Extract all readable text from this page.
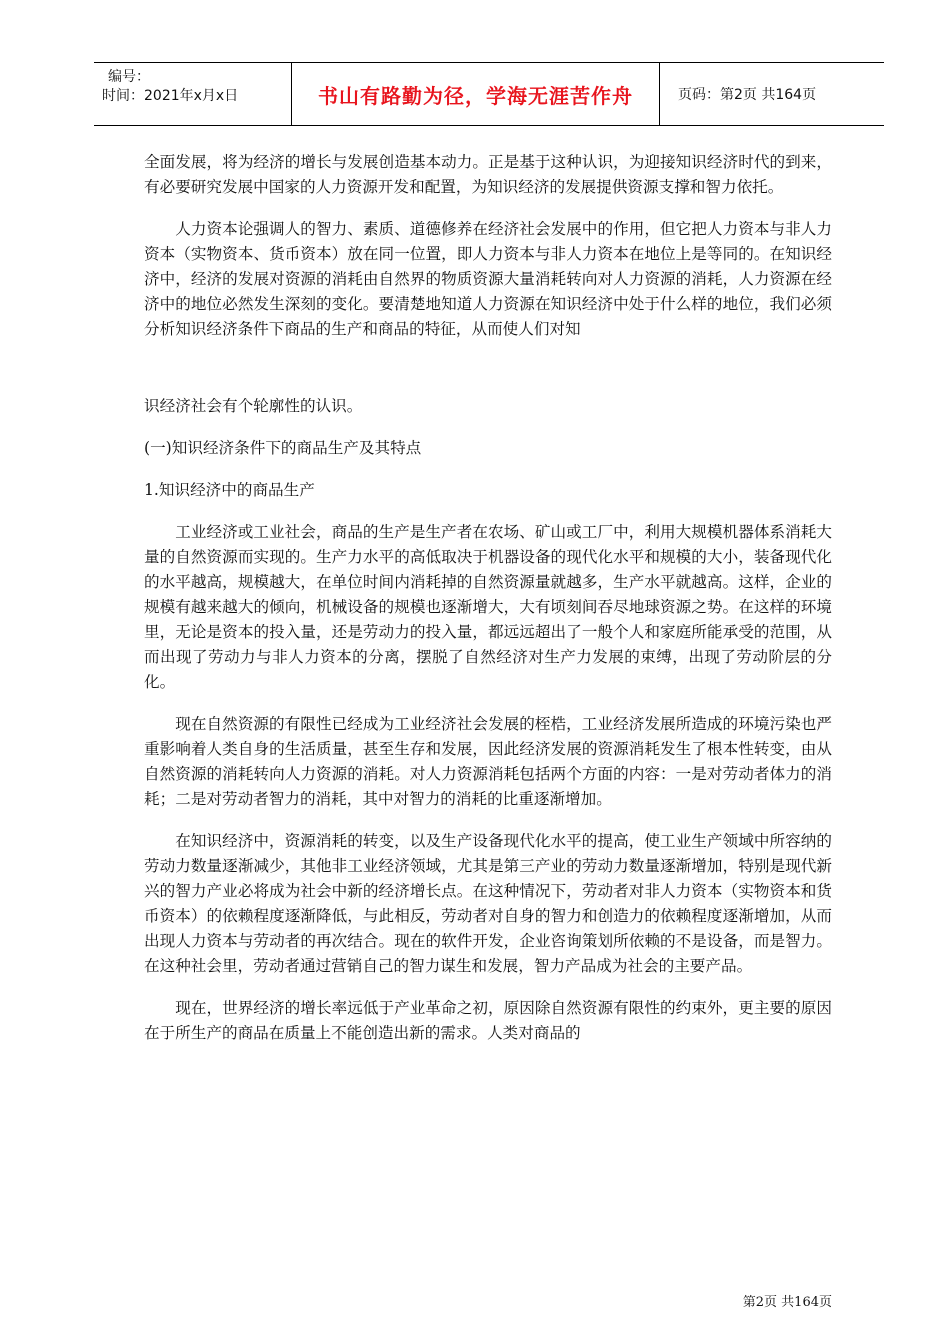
编号：
时间：2021年x月x日	书山有路勤为径，学海无涯苦作舟	页码：第2页 共164页

全面发展，将为经济的增长与发展创造基本动力。正是基于这种认识，为迎接知识经济时代的到来，有必要研究发展中国家的人力资源开发和配置，为知识经济的发展提供资源支撑和智力依托。

人力资本论强调人的智力、素质、道德修养在经济社会发展中的作用，但它把人力资本与非人力资本（实物资本、货币资本）放在同一位置，即人力资本与非人力资本在地位上是等同的。在知识经济中，经济的发展对资源的消耗由自然界的物质资源大量消耗转向对人力资源的消耗，人力资源在经济中的地位必然发生深刻的变化。要清楚地知道人力资源在知识经济中处于什么样的地位，我们必须分析知识经济条件下商品的生产和商品的特征，从而使人们对知

识经济社会有个轮廓性的认识。

(一)知识经济条件下的商品生产及其特点

1.知识经济中的商品生产

工业经济或工业社会，商品的生产是生产者在农场、矿山或工厂中，利用大规模机器体系消耗大量的自然资源而实现的。生产力水平的高低取决于机器设备的现代化水平和规模的大小，装备现代化的水平越高，规模越大，在单位时间内消耗掉的自然资源量就越多，生产水平就越高。这样，企业的规模有越来越大的倾向，机械设备的规模也逐渐增大，大有顷刻间吞尽地球资源之势。在这样的环境里，无论是资本的投入量，还是劳动力的投入量，都远远超出了一般个人和家庭所能承受的范围，从而出现了劳动力与非人力资本的分离，摆脱了自然经济对生产力发展的束缚，出现了劳动阶层的分化。

现在自然资源的有限性已经成为工业经济社会发展的桎梏，工业经济发展所造成的环境污染也严重影响着人类自身的生活质量，甚至生存和发展，因此经济发展的资源消耗发生了根本性转变，由从自然资源的消耗转向人力资源的消耗。对人力资源消耗包括两个方面的内容：一是对劳动者体力的消耗；二是对劳动者智力的消耗，其中对智力的消耗的比重逐渐增加。

在知识经济中，资源消耗的转变，以及生产设备现代化水平的提高，使工业生产领域中所容纳的劳动力数量逐渐减少，其他非工业经济领域，尤其是第三产业的劳动力数量逐渐增加，特别是现代新兴的智力产业必将成为社会中新的经济增长点。在这种情况下，劳动者对非人力资本（实物资本和货币资本）的依赖程度逐渐降低，与此相反，劳动者对自身的智力和创造力的依赖程度逐渐增加，从而出现人力资本与劳动者的再次结合。现在的软件开发，企业咨询策划所依赖的不是设备，而是智力。在这种社会里，劳动者通过营销自己的智力谋生和发展，智力产品成为社会的主要产品。

现在，世界经济的增长率远低于产业革命之初，原因除自然资源有限性的约束外，更主要的原因在于所生产的商品在质量上不能创造出新的需求。人类对商品的

第2页 共164页
